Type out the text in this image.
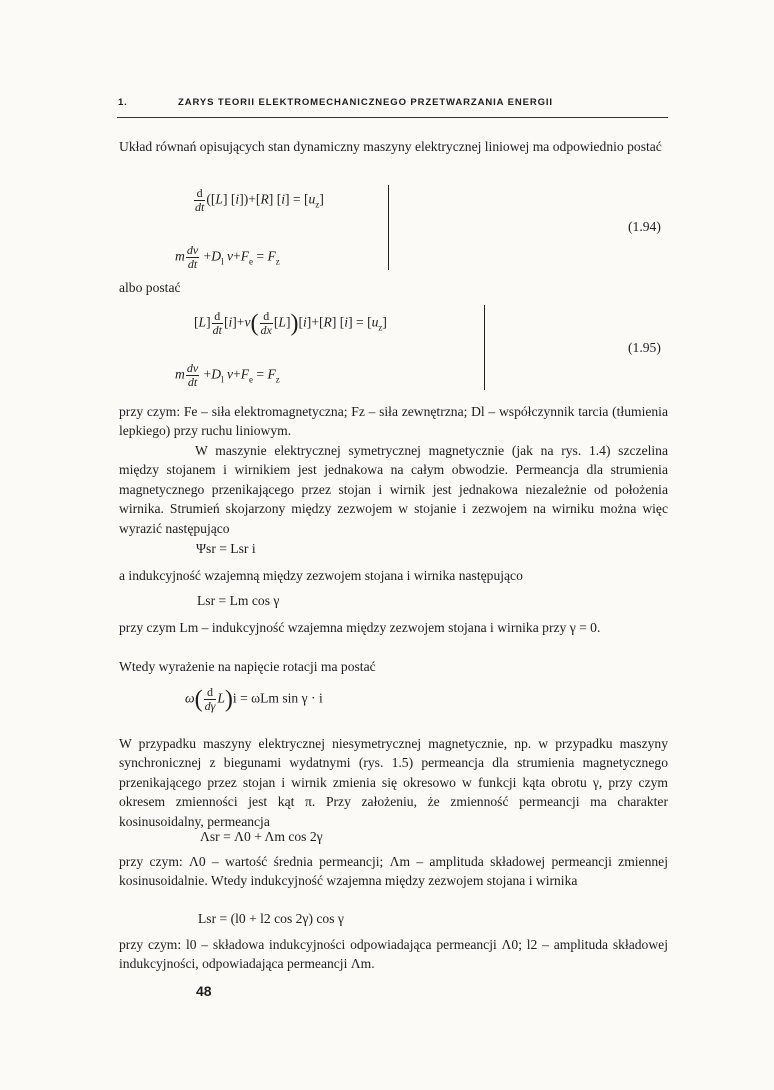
1.	ZARYS TEORII ELEKTROMECHANICZNEGO PRZETWARZANIA ENERGII
Układ równań opisujących stan dynamiczny maszyny elektrycznej liniowej ma odpowiednio postać
$\frac{d}{dt} ([L]$ [i])+[R] $[i] = [u_z]$
m $\frac{dv}{dt} +D_l$ $v+F_e = F_z$
(1.94)
albo postać
$[L] \frac{d}{dt} [i]+v( \frac{d}{dx} [L])[i]+[R] [i] = [u_z]$
m $\frac{dv}{dt} +D_l$ $v+F_e = F_z$
(1.95)
przy czym: Fe – siła elektromagnetyczna; Fz – siła zewnętrzna; Dl – współczynnik tarcia (tłumienia lepkiego) przy ruchu liniowym.
W maszynie elektrycznej symetrycznej magnetycznie (jak na rys. 1.4) szczelina między stojanem i wirnikiem jest jednakowa na całym obwodzie. Permeancja dla strumienia magnetycznego przenikającego przez stojan i wirnik jest jednakowa niezależnie od położenia wirnika. Strumień skojarzony między zezwojem w stojanie i zezwojem na wirniku można więc wyrazić następująco
Ψsr = Lsr i
a indukcyjność wzajemną między zezwojem stojana i wirnika następująco
Lsr = Lm cos γ
przy czym Lm – indukcyjność wzajemna między zezwojem stojana i wirnika przy γ = 0.
Wtedy wyrażenie na napięcie rotacji ma postać
$\omega( \frac{d}{d\gamma} L)i = \omega Lm$ sin γ · i
W przypadku maszyny elektrycznej niesymetrycznej magnetycznie, np. w przypadku maszyny synchronicznej z biegunami wydatnymi (rys. 1.5) permeancja dla strumienia magnetycznego przenikającego przez stojan i wirnik zmienia się okresowo w funkcji kąta obrotu γ, przy czym okresem zmienności jest kąt π. Przy założeniu, że zmienność permeancji ma charakter kosinusoidalny, permeancja
Λsr = Λ0 + Λm cos 2γ
przy czym: Λ0 – wartość średnia permeancji; Λm – amplituda składowej permeancji zmiennej kosinusoidalnie. Wtedy indukcyjność wzajemna między zezwojem stojana i wirnika
Lsr = (l0 + l2 cos 2γ) cos γ
przy czym: l0 – składowa indukcyjności odpowiadająca permeancji Λ0; l2 – amplituda składowej indukcyjności, odpowiadająca permeancji Λm.
48
